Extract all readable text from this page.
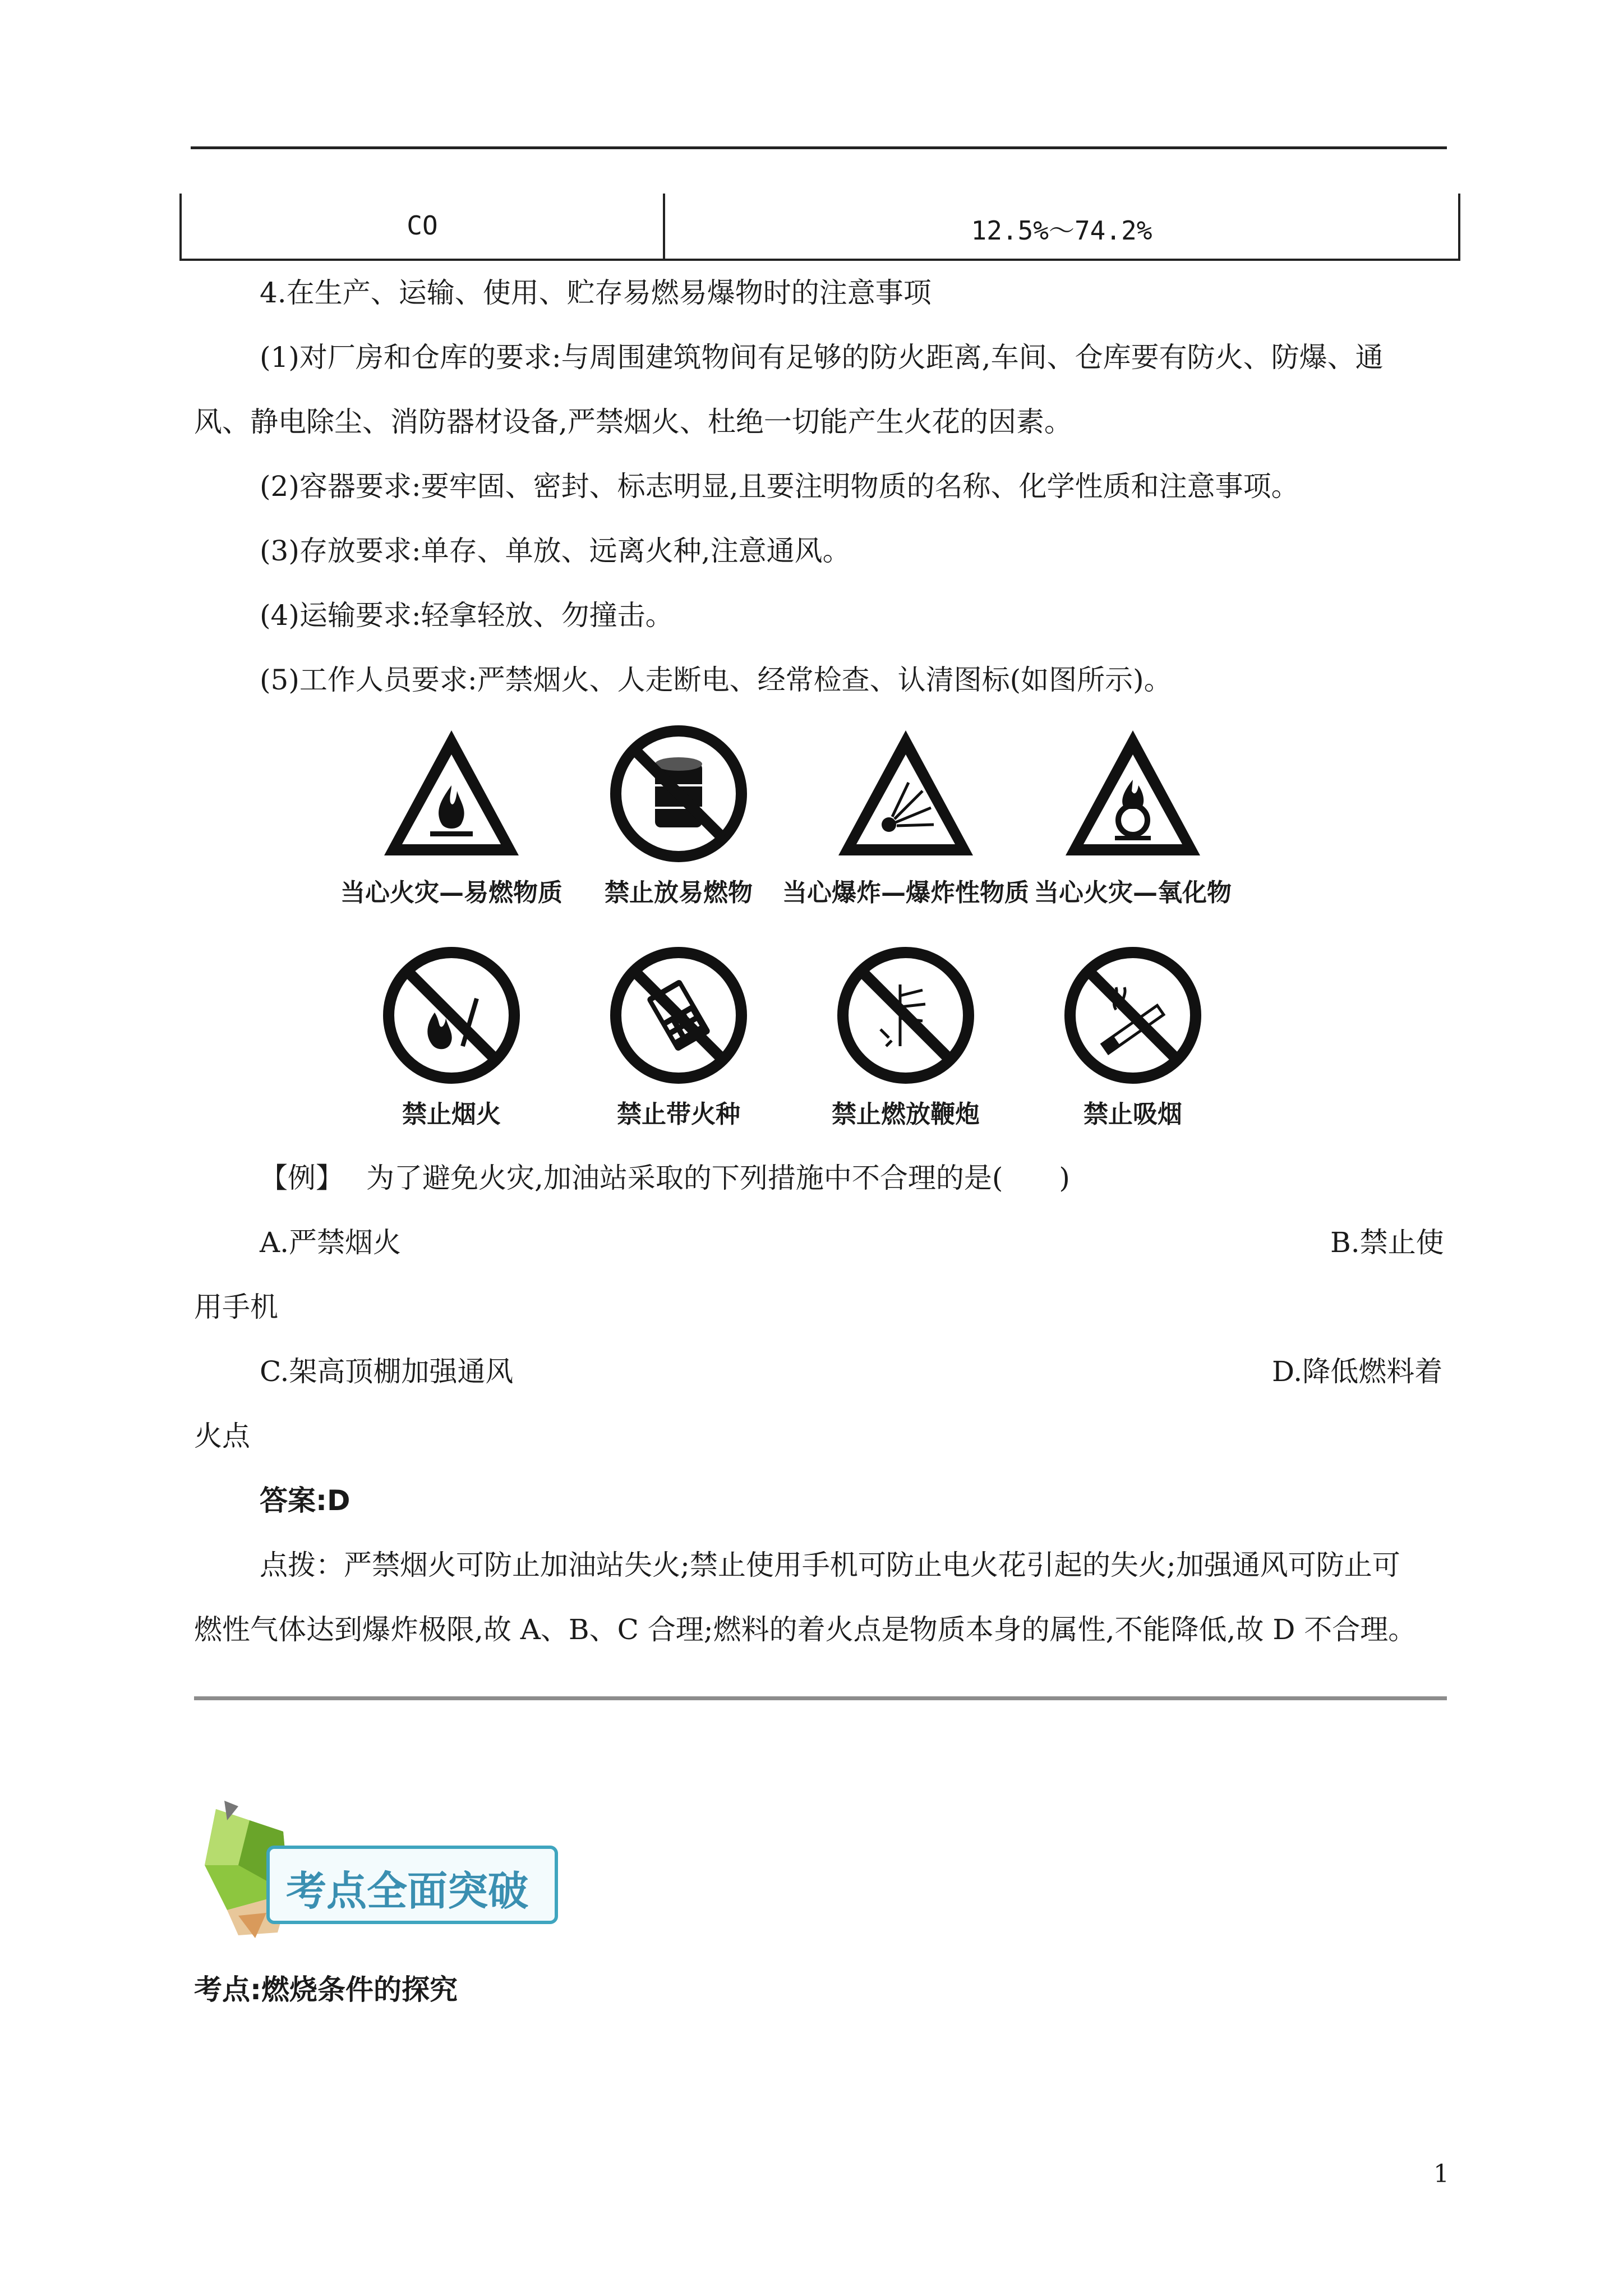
CO	12.5%～74.2%
4.在生产、运输、使用、贮存易燃易爆物时的注意事项
(1)对厂房和仓库的要求:与周围建筑物间有足够的防火距离,车间、仓库要有防火、防爆、通
风、静电除尘、消防器材设备,严禁烟火、杜绝一切能产生火花的因素。
(2)容器要求:要牢固、密封、标志明显,且要注明物质的名称、化学性质和注意事项。
(3)存放要求:单存、单放、远离火种,注意通风。
(4)运输要求:轻拿轻放、勿撞击。
(5)工作人员要求:严禁烟火、人走断电、经常检查、认清图标(如图所示)。
当心火灾—易燃物质 禁止放易燃物 当心爆炸—爆炸性物质 当心火灾—氧化物
禁止烟火	禁止带火种	禁止燃放鞭炮	禁止吸烟
【例】 为了避免火灾,加油站采取的下列措施中不合理的是(　　)
A.严禁烟火	B.禁止使
用手机
C.架高顶棚加强通风	D.降低燃料着
火点
答案:D
点拨：严禁烟火可防止加油站失火;禁止使用手机可防止电火花引起的失火;加强通风可防止可
燃性气体达到爆炸极限,故 A、B、C 合理;燃料的着火点是物质本身的属性,不能降低,故 D 不合理。
考点全面突破
考点:燃烧条件的探究
1
